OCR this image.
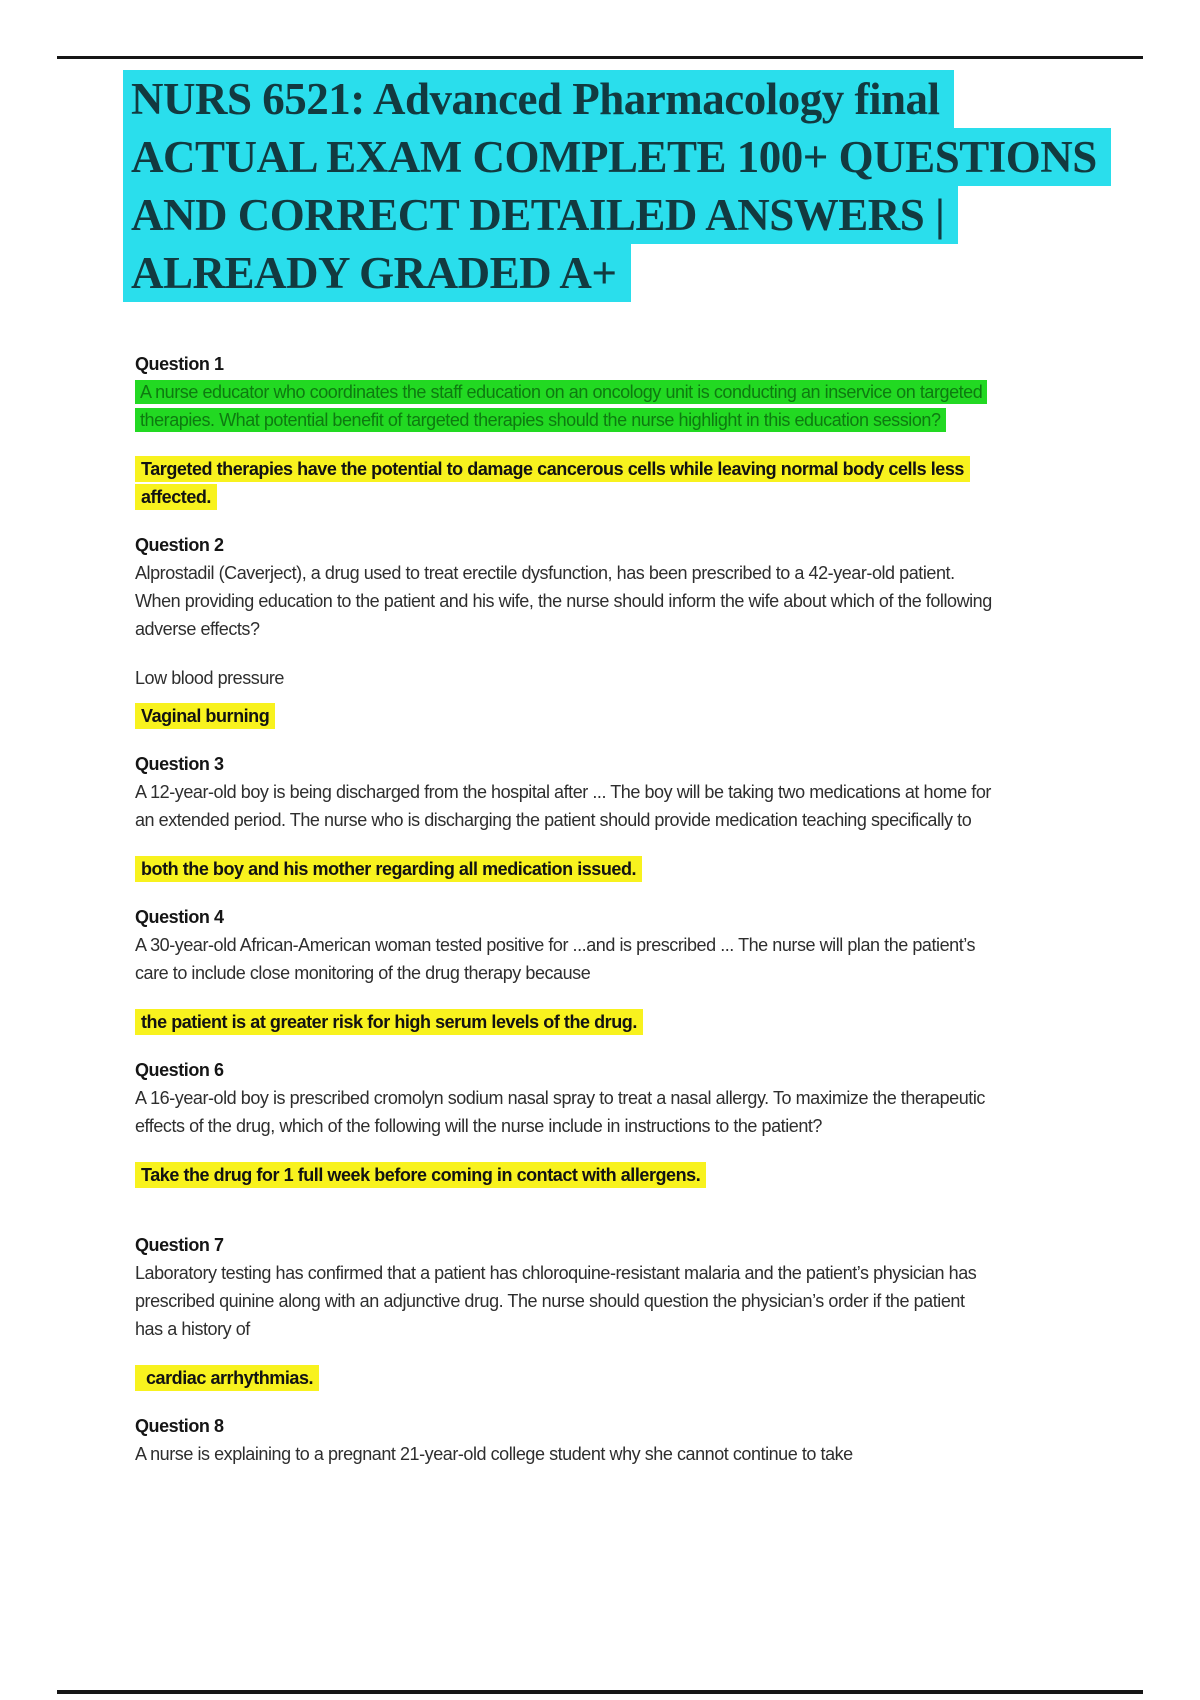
NURS 6521: Advanced Pharmacology final
ACTUAL EXAM COMPLETE 100+ QUESTIONS
AND CORRECT DETAILED ANSWERS |
ALREADY GRADED A+
Question 1

A nurse educator who coordinates the staff education on an oncology unit is conducting an inservice on targeted therapies. What potential benefit of targeted therapies should the nurse highlight in this education session?

Targeted therapies have the potential to damage cancerous cells while leaving normal body cells less affected.

Question 2

Alprostadil (Caverject), a drug used to treat erectile dysfunction, has been prescribed to a 42-year-old patient. When providing education to the patient and his wife, the nurse should inform the wife about which of the following adverse effects?

Low blood pressure

Vaginal burning

Question 3

A 12-year-old boy is being discharged from the hospital after ... The boy will be taking two medications at home for an extended period. The nurse who is discharging the patient should provide medication teaching specifically to

both the boy and his mother regarding all medication issued.

Question 4

A 30-year-old African-American woman tested positive for ...and is prescribed ... The nurse will plan the patient’s care to include close monitoring of the drug therapy because

the patient is at greater risk for high serum levels of the drug.

Question 6

A 16-year-old boy is prescribed cromolyn sodium nasal spray to treat a nasal allergy. To maximize the therapeutic effects of the drug, which of the following will the nurse include in instructions to the patient?

Take the drug for 1 full week before coming in contact with allergens.

Question 7

Laboratory testing has confirmed that a patient has chloroquine-resistant malaria and the patient’s physician has prescribed quinine along with an adjunctive drug. The nurse should question the physician’s order if the patient has a history of

cardiac arrhythmias.

Question 8

A nurse is explaining to a pregnant 21-year-old college student why she cannot continue to take
